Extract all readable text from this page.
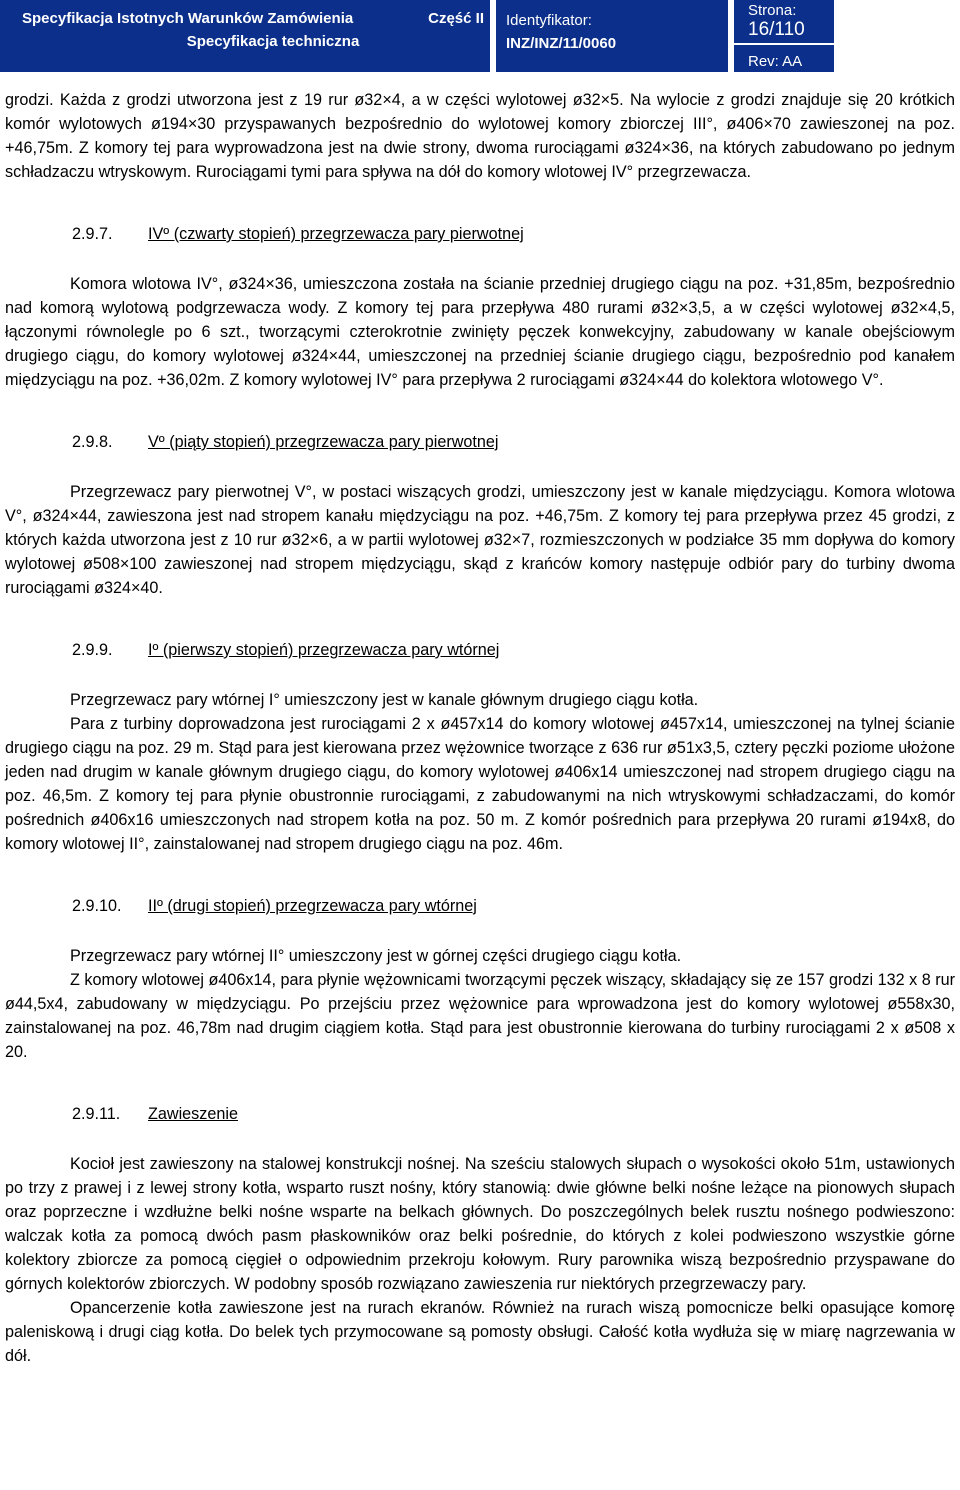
Specyfikacja Istotnych Warunków Zamówienia	Część II
Specyfikacja techniczna
Identyfikator:
INZ/INZ/11/0060
Strona:
16/110
Rev: AA

grodzi. Każda z grodzi utworzona jest z 19 rur ø32×4, a w części wylotowej ø32×5. Na wylocie z grodzi znajduje się 20 krótkich komór wylotowych ø194×30 przyspawanych bezpośrednio do wylotowej komory zbiorczej III°, ø406×70 zawieszonej na poz. +46,75m. Z komory tej para wyprowadzona jest na dwie strony, dwoma rurociągami ø324×36, na których zabudowano po jednym schładzaczu wtryskowym. Rurociągami tymi para spływa na dół do komory wlotowej IV° przegrzewacza.

2.9.7. IVº (czwarty stopień) przegrzewacza pary pierwotnej

Komora wlotowa IV°, ø324×36, umieszczona została na ścianie przedniej drugiego ciągu na poz. +31,85m, bezpośrednio nad komorą wylotową podgrzewacza wody. Z komory tej para przepływa 480 rurami ø32×3,5, a w części wylotowej ø32×4,5, łączonymi równolegle po 6 szt., tworzącymi czterokrotnie zwinięty pęczek konwekcyjny, zabudowany w kanale obejściowym drugiego ciągu, do komory wylotowej ø324×44, umieszczonej na przedniej ścianie drugiego ciągu, bezpośrednio pod kanałem międzyciągu na poz. +36,02m. Z komory wylotowej IV° para przepływa 2 rurociągami ø324×44 do kolektora wlotowego V°.

2.9.8. Vº (piąty stopień) przegrzewacza pary pierwotnej

Przegrzewacz pary pierwotnej V°, w postaci wiszących grodzi, umieszczony jest w kanale międzyciągu. Komora wlotowa V°, ø324×44, zawieszona jest nad stropem kanału międzyciągu na poz. +46,75m. Z komory tej para przepływa przez 45 grodzi, z których każda utworzona jest z 10 rur ø32×6, a w partii wylotowej ø32×7, rozmieszczonych w podziałce 35 mm dopływa do komory wylotowej ø508×100 zawieszonej nad stropem międzyciągu, skąd z krańców komory następuje odbiór pary do turbiny dwoma rurociągami ø324×40.

2.9.9. Iº (pierwszy stopień) przegrzewacza pary wtórnej

Przegrzewacz pary wtórnej I° umieszczony jest w kanale głównym drugiego ciągu kotła.

Para z turbiny doprowadzona jest rurociągami 2 x ø457x14 do komory wlotowej ø457x14, umieszczonej na tylnej ścianie drugiego ciągu na poz. 29 m. Stąd para jest kierowana przez wężownice tworzące z 636 rur ø51x3,5, cztery pęczki poziome ułożone jeden nad drugim w kanale głównym drugiego ciągu, do komory wylotowej ø406x14 umieszczonej nad stropem drugiego ciągu na poz. 46,5m. Z komory tej para płynie obustronnie rurociągami, z zabudowanymi na nich wtryskowymi schładzaczami, do komór pośrednich ø406x16 umieszczonych nad stropem kotła na poz. 50 m. Z komór pośrednich para przepływa 20 rurami ø194x8, do komory wlotowej II°, zainstalowanej nad stropem drugiego ciągu na poz. 46m.

2.9.10. IIº (drugi stopień) przegrzewacza pary wtórnej

Przegrzewacz pary wtórnej II° umieszczony jest w górnej części drugiego ciągu kotła.

Z komory wlotowej ø406x14, para płynie wężownicami tworzącymi pęczek wiszący, składający się ze 157 grodzi 132 x 8 rur ø44,5x4, zabudowany w międzyciągu. Po przejściu przez wężownice para wprowadzona jest do komory wylotowej ø558x30, zainstalowanej na poz. 46,78m nad drugim ciągiem kotła. Stąd para jest obustronnie kierowana do turbiny rurociągami 2 x ø508 x 20.

2.9.11. Zawieszenie

Kocioł jest zawieszony na stalowej konstrukcji nośnej. Na sześciu stalowych słupach o wysokości około 51m, ustawionych po trzy z prawej i z lewej strony kotła, wsparto ruszt nośny, który stanowią: dwie główne belki nośne leżące na pionowych słupach oraz poprzeczne i wzdłużne belki nośne wsparte na belkach głównych. Do poszczególnych belek rusztu nośnego podwieszono: walczak kotła za pomocą dwóch pasm płaskowników oraz belki pośrednie, do których z kolei podwieszono wszystkie górne kolektory zbiorcze za pomocą cięgieł o odpowiednim przekroju kołowym. Rury parownika wiszą bezpośrednio przyspawane do górnych kolektorów zbiorczych. W podobny sposób rozwiązano zawieszenia rur niektórych przegrzewaczy pary.

Opancerzenie kotła zawieszone jest na rurach ekranów. Również na rurach wiszą pomocnicze belki opasujące komorę paleniskową i drugi ciąg kotła. Do belek tych przymocowane są pomosty obsługi. Całość kotła wydłuża się w miarę nagrzewania w dół.
